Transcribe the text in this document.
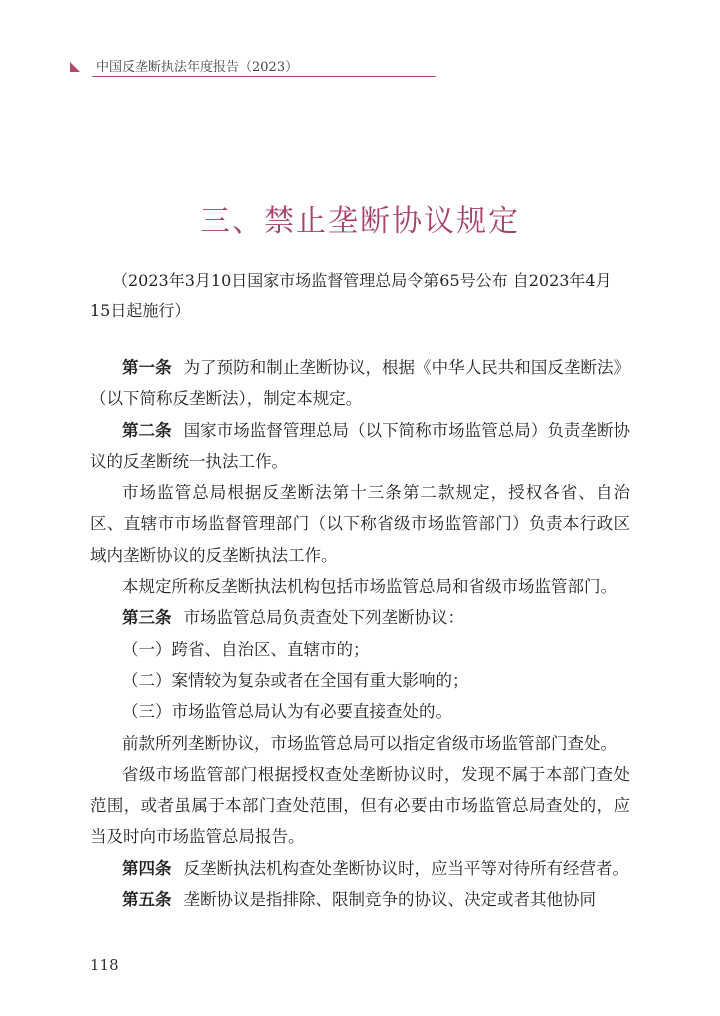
中国反垄断执法年度报告（2023）
三、禁止垄断协议规定
（2023年3月10日国家市场监督管理总局令第65号公布 自2023年4月15日起施行）

第一条 为了预防和制止垄断协议，根据《中华人民共和国反垄断法》（以下简称反垄断法），制定本规定。

第二条 国家市场监督管理总局（以下简称市场监管总局）负责垄断协议的反垄断统一执法工作。

市场监管总局根据反垄断法第十三条第二款规定，授权各省、自治区、直辖市市场监督管理部门（以下称省级市场监管部门）负责本行政区域内垄断协议的反垄断执法工作。

本规定所称反垄断执法机构包括市场监管总局和省级市场监管部门。

第三条 市场监管总局负责查处下列垄断协议：

（一）跨省、自治区、直辖市的；

（二）案情较为复杂或者在全国有重大影响的；

（三）市场监管总局认为有必要直接查处的。

前款所列垄断协议，市场监管总局可以指定省级市场监管部门查处。

省级市场监管部门根据授权查处垄断协议时，发现不属于本部门查处范围，或者虽属于本部门查处范围，但有必要由市场监管总局查处的，应当及时向市场监管总局报告。

第四条 反垄断执法机构查处垄断协议时，应当平等对待所有经营者。

第五条 垄断协议是指排除、限制竞争的协议、决定或者其他协同

118
